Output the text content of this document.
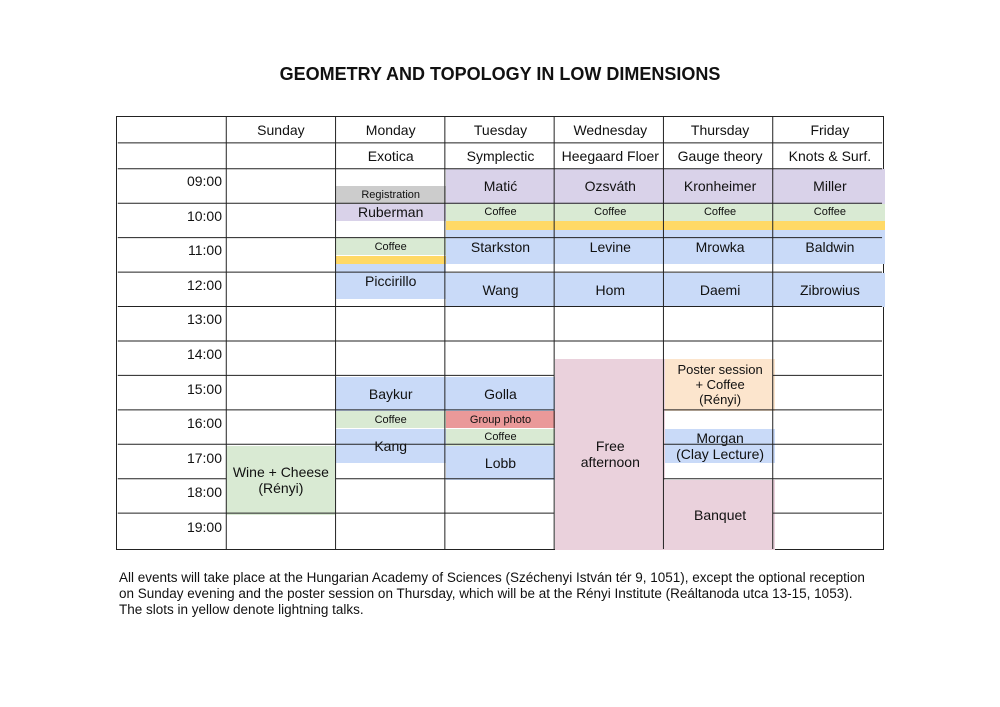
GEOMETRY AND TOPOLOGY IN LOW DIMENSIONS
Registration
Ruberman
Coffee
Piccirillo
Baykur
Coffee
Kang
Matić
Coffee
Starkston
Wang
Golla
Group photo
Coffee
Lobb
Ozsváth
Coffee
Levine
Hom
Free
afternoon
Kronheimer
Coffee
Mrowka
Daemi
Poster session
+ Coffee
(Rényi)
Morgan
(Clay Lecture)
Banquet
Miller
Coffee
Baldwin
Zibrowius
Wine + Cheese
(Rényi)
Sunday	Monday
Exotica
Tuesday
Symplectic
Wednesday
Heegaard Floer
Thursday
Gauge theory
Friday
Knots & Surf.
09:00
10:00
11:00
12:00
13:00
14:00
15:00
16:00
17:00
18:00
19:00

All events will take place at the Hungarian Academy of Sciences (Széchenyi István tér 9, 1051), except the optional reception on Sunday evening and the poster session on Thursday, which will be at the Rényi Institute (Reáltanoda utca 13-15, 1053).

The slots in yellow denote lightning talks.
